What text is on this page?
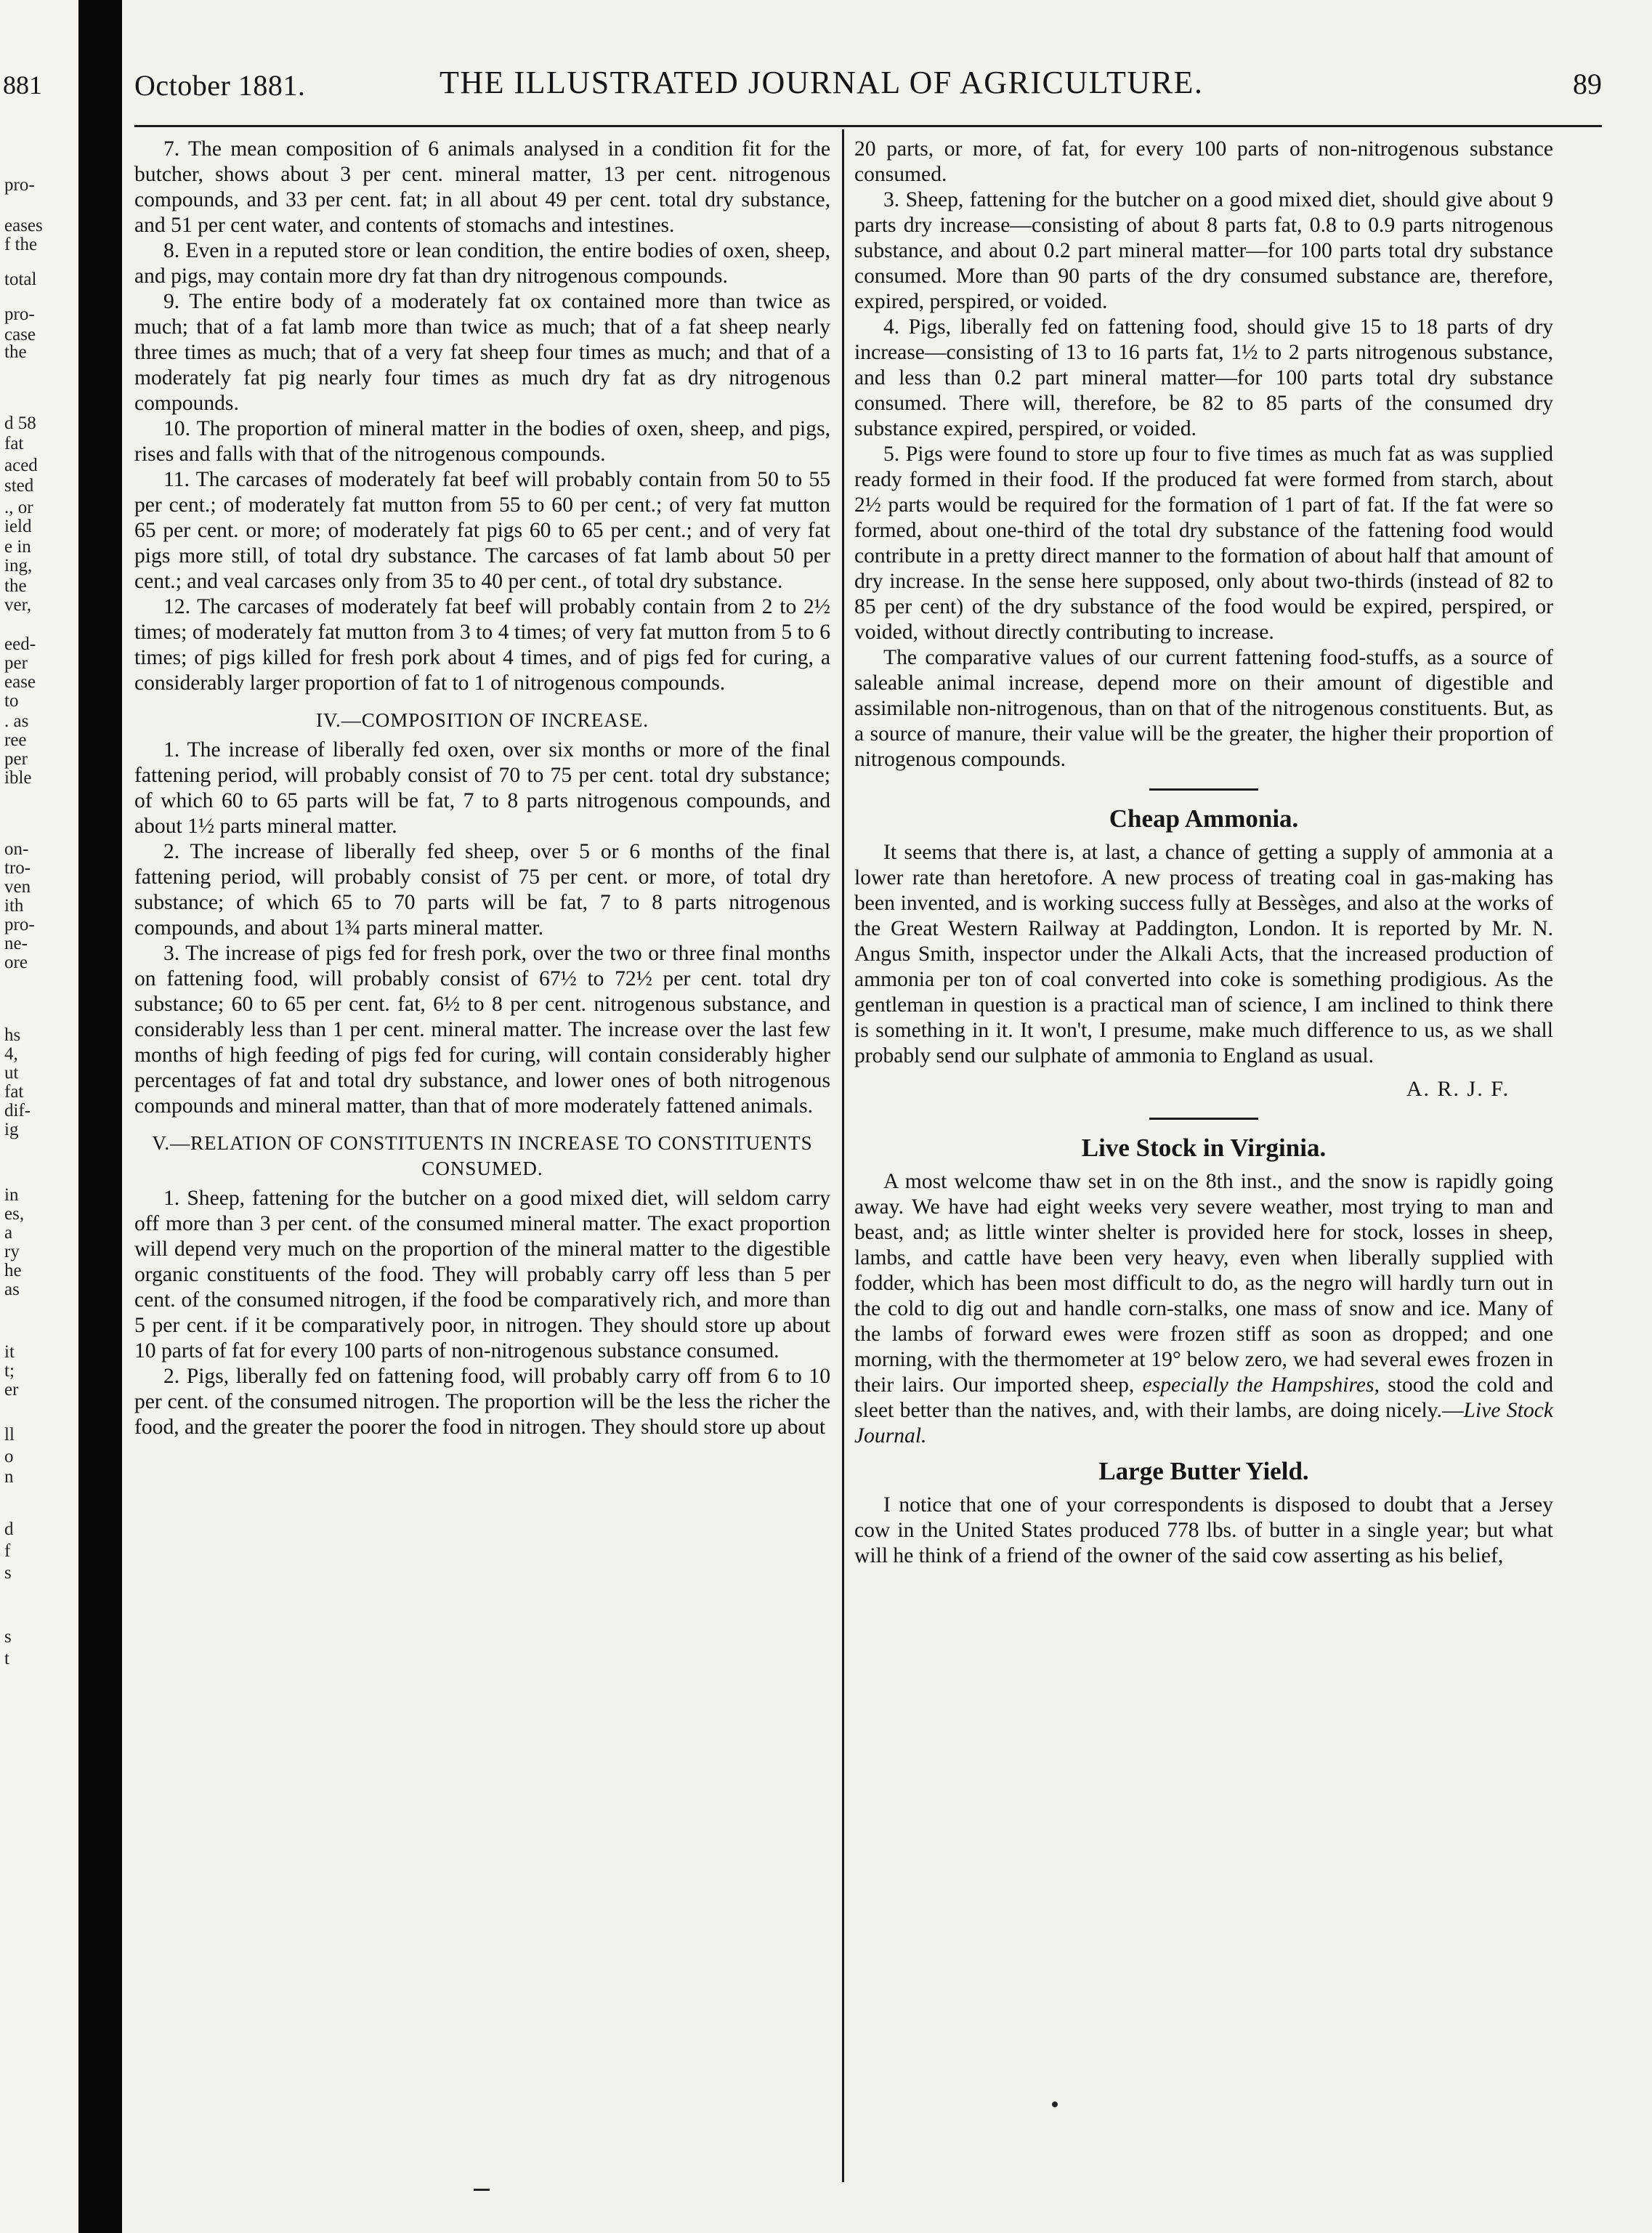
881
pro-
eases
f the
total
pro-
case
the
d 58
fat
aced
sted
., or
ield
e in
ing,
the
ver,
eed-
per
ease
to
. as
ree
per
ible
on-
tro-
ven
ith
pro-
ne-
ore
hs
4,
ut
fat
dif-
ig
in
es,
a
ry
he
as
it
t;
er
ll
o
n
d
f
s
s
t
October 1881.	THE ILLUSTRATED JOURNAL OF AGRICULTURE.	89

7. The mean composition of 6 animals analysed in a condition fit for the butcher, shows about 3 per cent. mineral matter, 13 per cent. nitrogenous compounds, and 33 per cent. fat; in all about 49 per cent. total dry substance, and 51 per cent water, and contents of stomachs and intestines.

8. Even in a reputed store or lean condition, the entire bodies of oxen, sheep, and pigs, may contain more dry fat than dry nitrogenous compounds.

9. The entire body of a moderately fat ox contained more than twice as much; that of a fat lamb more than twice as much; that of a fat sheep nearly three times as much; that of a very fat sheep four times as much; and that of a moderately fat pig nearly four times as much dry fat as dry nitrogenous compounds.

10. The proportion of mineral matter in the bodies of oxen, sheep, and pigs, rises and falls with that of the nitrogenous compounds.

11. The carcases of moderately fat beef will probably contain from 50 to 55 per cent.; of moderately fat mutton from 55 to 60 per cent.; of very fat mutton 65 per cent. or more; of moderately fat pigs 60 to 65 per cent.; and of very fat pigs more still, of total dry substance. The carcases of fat lamb about 50 per cent.; and veal carcases only from 35 to 40 per cent., of total dry substance.

12. The carcases of moderately fat beef will probably contain from 2 to 2½ times; of moderately fat mutton from 3 to 4 times; of very fat mutton from 5 to 6 times; of pigs killed for fresh pork about 4 times, and of pigs fed for curing, a considerably larger proportion of fat to 1 of nitrogenous compounds.

IV.—COMPOSITION OF INCREASE.

1. The increase of liberally fed oxen, over six months or more of the final fattening period, will probably consist of 70 to 75 per cent. total dry substance; of which 60 to 65 parts will be fat, 7 to 8 parts nitrogenous compounds, and about 1½ parts mineral matter.

2. The increase of liberally fed sheep, over 5 or 6 months of the final fattening period, will probably consist of 75 per cent. or more, of total dry substance; of which 65 to 70 parts will be fat, 7 to 8 parts nitrogenous compounds, and about 1¾ parts mineral matter.

3. The increase of pigs fed for fresh pork, over the two or three final months on fattening food, will probably consist of 67½ to 72½ per cent. total dry substance; 60 to 65 per cent. fat, 6½ to 8 per cent. nitrogenous substance, and considerably less than 1 per cent. mineral matter. The increase over the last few months of high feeding of pigs fed for curing, will contain considerably higher percentages of fat and total dry substance, and lower ones of both nitrogenous compounds and mineral matter, than that of more moderately fattened animals.

V.—RELATION OF CONSTITUENTS IN INCREASE TO CONSTITUENTS CONSUMED.

1. Sheep, fattening for the butcher on a good mixed diet, will seldom carry off more than 3 per cent. of the consumed mineral matter. The exact proportion will depend very much on the proportion of the mineral matter to the digestible organic constituents of the food. They will probably carry off less than 5 per cent. of the consumed nitrogen, if the food be comparatively rich, and more than 5 per cent. if it be comparatively poor, in nitrogen. They should store up about 10 parts of fat for every 100 parts of non-nitrogenous substance consumed.

2. Pigs, liberally fed on fattening food, will probably carry off from 6 to 10 per cent. of the consumed nitrogen. The proportion will be the less the richer the food, and the greater the poorer the food in nitrogen. They should store up about

20 parts, or more, of fat, for every 100 parts of non-nitrogenous substance consumed.

3. Sheep, fattening for the butcher on a good mixed diet, should give about 9 parts dry increase—consisting of about 8 parts fat, 0.8 to 0.9 parts nitrogenous substance, and about 0.2 part mineral matter—for 100 parts total dry substance consumed. More than 90 parts of the dry consumed substance are, therefore, expired, perspired, or voided.

4. Pigs, liberally fed on fattening food, should give 15 to 18 parts of dry increase—consisting of 13 to 16 parts fat, 1½ to 2 parts nitrogenous substance, and less than 0.2 part mineral matter—for 100 parts total dry substance consumed. There will, therefore, be 82 to 85 parts of the consumed dry substance expired, perspired, or voided.

5. Pigs were found to store up four to five times as much fat as was supplied ready formed in their food. If the produced fat were formed from starch, about 2½ parts would be required for the formation of 1 part of fat. If the fat were so formed, about one-third of the total dry substance of the fattening food would contribute in a pretty direct manner to the formation of about half that amount of dry increase. In the sense here supposed, only about two-thirds (instead of 82 to 85 per cent) of the dry substance of the food would be expired, perspired, or voided, without directly contributing to increase.

The comparative values of our current fattening food-stuffs, as a source of saleable animal increase, depend more on their amount of digestible and assimilable non-nitrogenous, than on that of the nitrogenous constituents. But, as a source of manure, their value will be the greater, the higher their proportion of nitrogenous compounds.

Cheap Ammonia.

It seems that there is, at last, a chance of getting a supply of ammonia at a lower rate than heretofore. A new process of treating coal in gas-making has been invented, and is working success fully at Bessèges, and also at the works of the Great Western Railway at Paddington, London. It is reported by Mr. N. Angus Smith, inspector under the Alkali Acts, that the increased production of ammonia per ton of coal converted into coke is something prodigious. As the gentleman in question is a practical man of science, I am inclined to think there is something in it. It won't, I presume, make much difference to us, as we shall probably send our sulphate of ammonia to England as usual.

A. R. J. F.
Live Stock in Virginia.

A most welcome thaw set in on the 8th inst., and the snow is rapidly going away. We have had eight weeks very severe weather, most trying to man and beast, and; as little winter shelter is provided here for stock, losses in sheep, lambs, and cattle have been very heavy, even when liberally supplied with fodder, which has been most difficult to do, as the negro will hardly turn out in the cold to dig out and handle corn-stalks, one mass of snow and ice. Many of the lambs of forward ewes were frozen stiff as soon as dropped; and one morning, with the thermometer at 19° below zero, we had several ewes frozen in their lairs. Our imported sheep, especially the Hampshires, stood the cold and sleet better than the natives, and, with their lambs, are doing nicely.—Live Stock Journal.

Large Butter Yield.

I notice that one of your correspondents is disposed to doubt that a Jersey cow in the United States produced 778 lbs. of butter in a single year; but what will he think of a friend of the owner of the said cow asserting as his belief,
